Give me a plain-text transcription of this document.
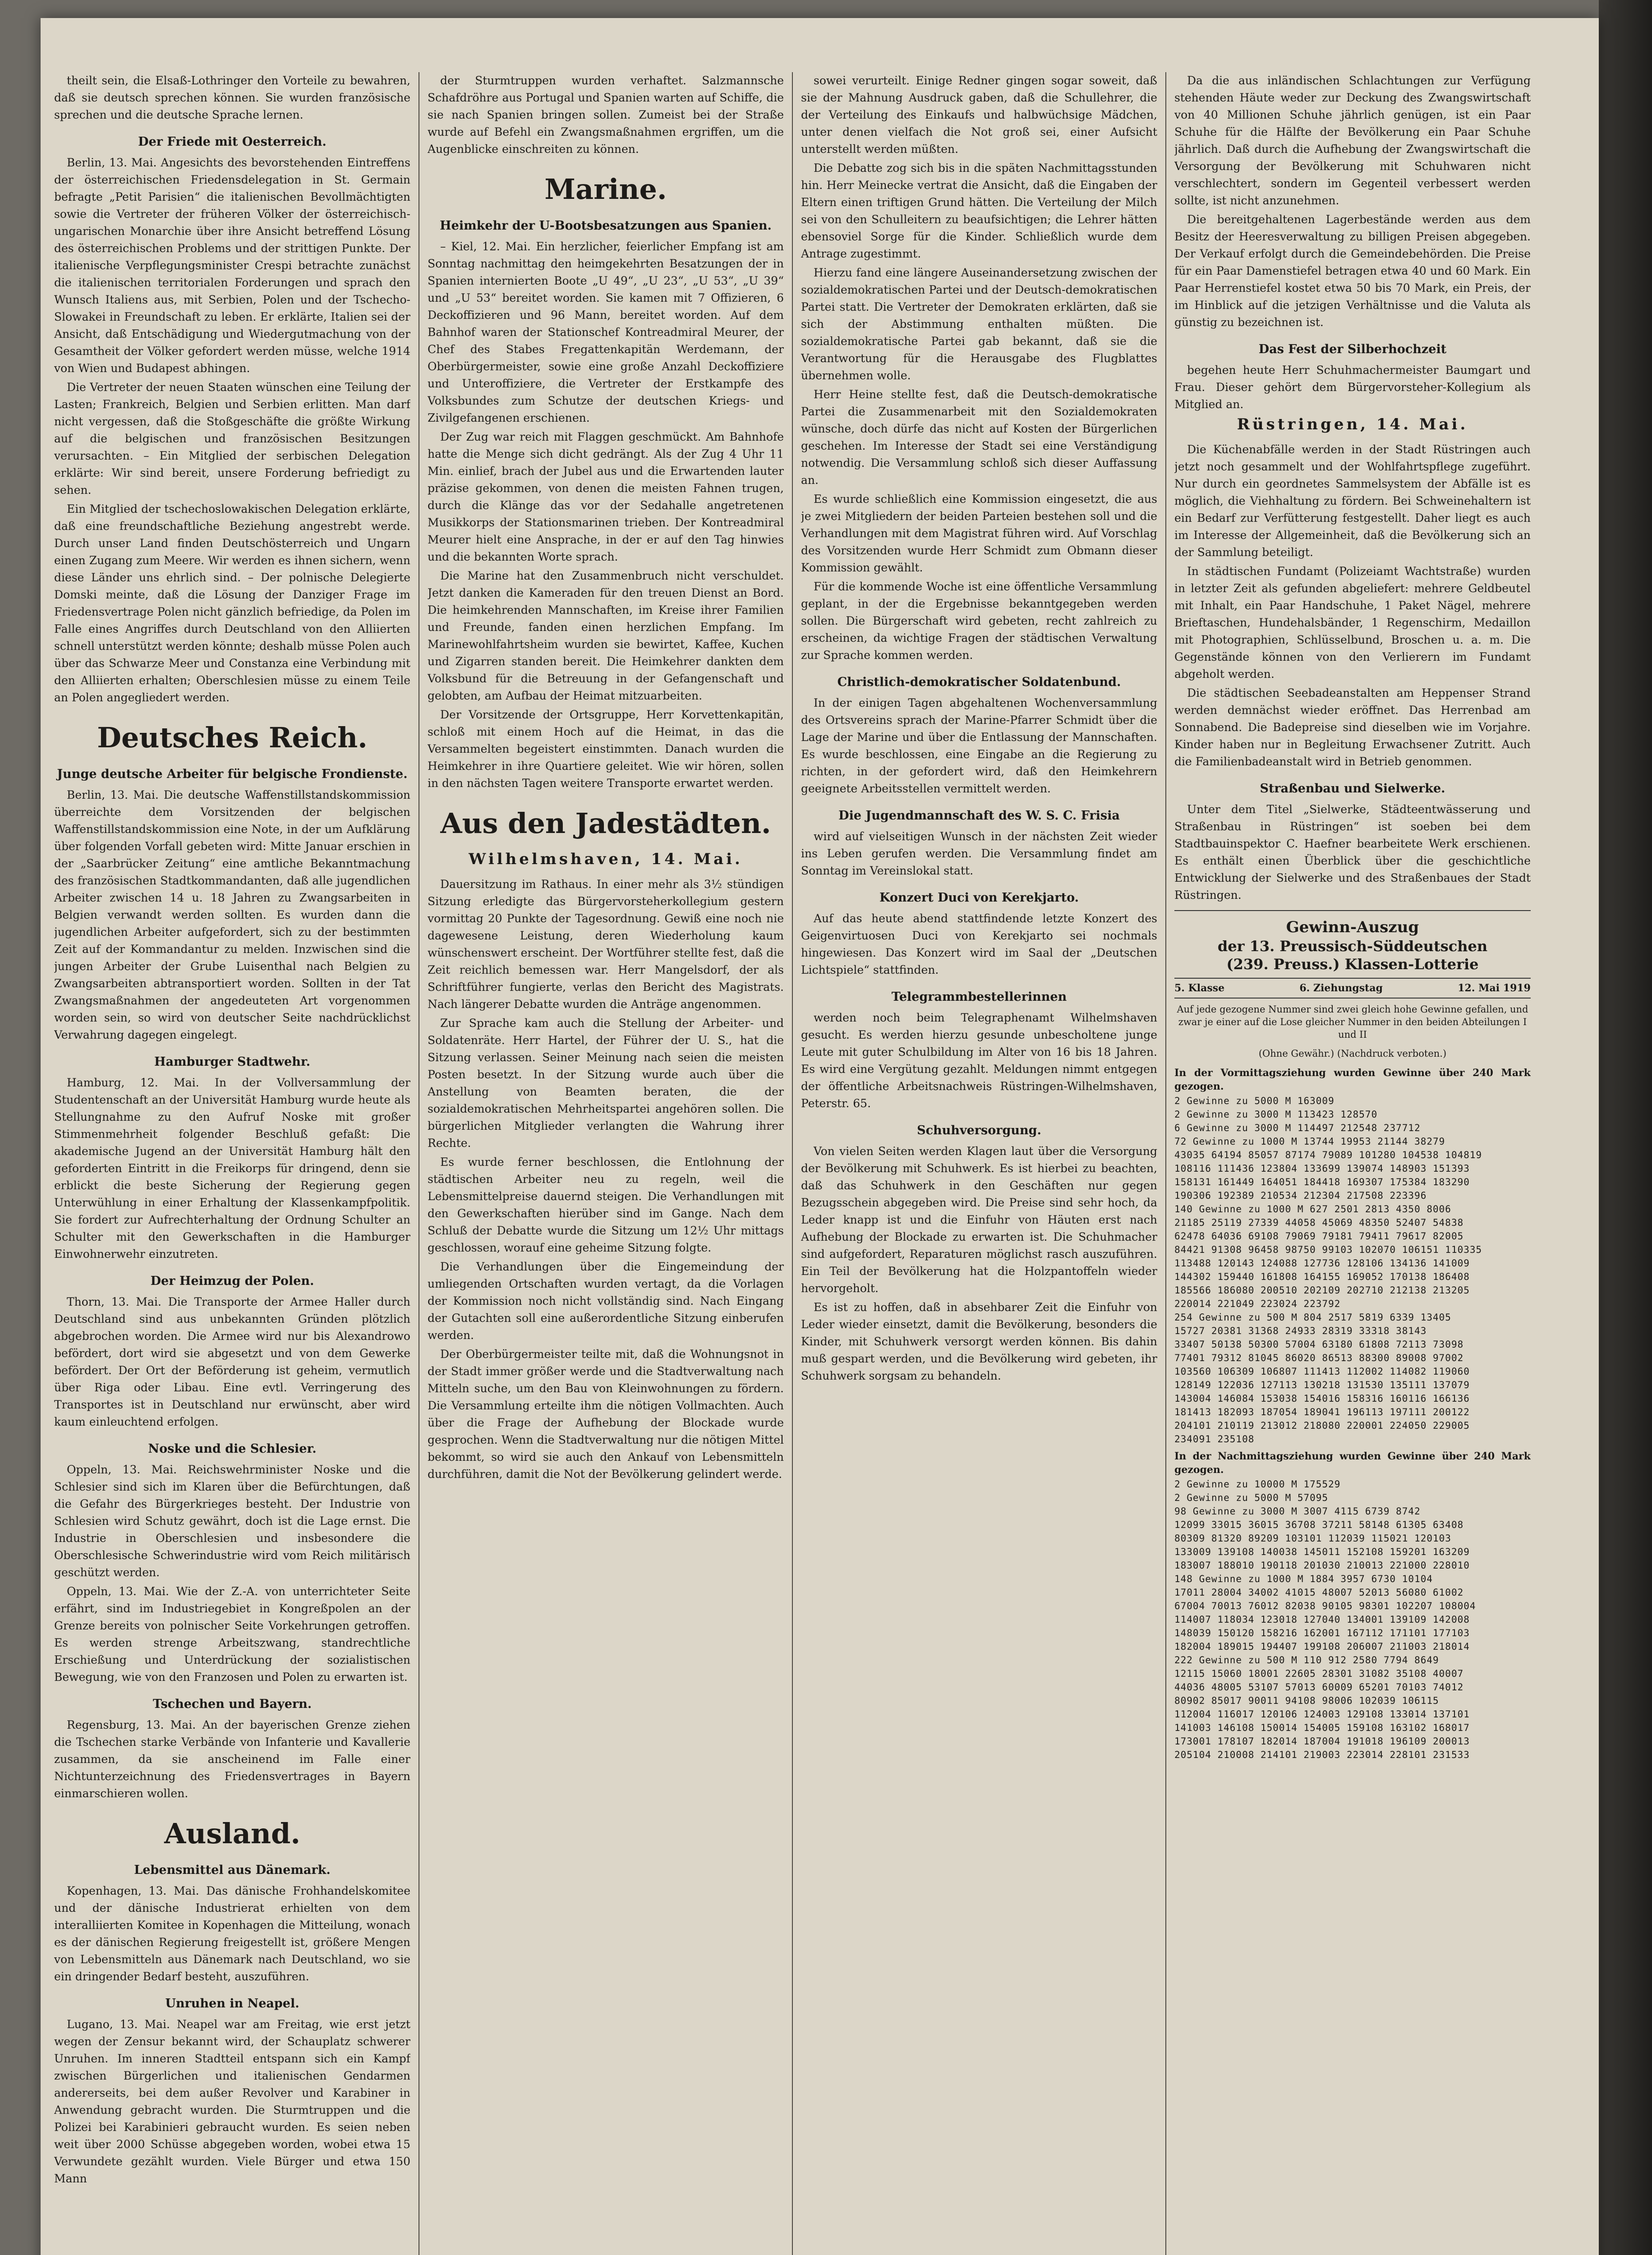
theilt sein, die Elsaß-Lothringer den Vorteile zu bewahren, daß sie deutsch sprechen können. Sie wurden französische sprechen und die deutsche Sprache lernen.

Der Friede mit Oesterreich.

Berlin, 13. Mai. Angesichts des bevorstehenden Eintreffens der österreichischen Friedensdelegation in St. Germain befragte „Petit Parisien“ die italienischen Bevollmächtigten sowie die Vertreter der früheren Völker der österreichisch-ungarischen Monarchie über ihre Ansicht betreffend Lösung des österreichischen Problems und der strittigen Punkte. Der italienische Verpflegungsminister Crespi betrachte zunächst die italienischen territorialen Forderungen und sprach den Wunsch Italiens aus, mit Serbien, Polen und der Tschecho-Slowakei in Freundschaft zu leben. Er erklärte, Italien sei der Ansicht, daß Entschädigung und Wiedergutmachung von der Gesamtheit der Völker gefordert werden müsse, welche 1914 von Wien und Budapest abhingen.

Die Vertreter der neuen Staaten wünschen eine Teilung der Lasten; Frankreich, Belgien und Serbien erlitten. Man darf nicht vergessen, daß die Stoßgeschäfte die größte Wirkung auf die belgischen und französischen Besitzungen verursachten. – Ein Mitglied der serbischen Delegation erklärte: Wir sind bereit, unsere Forderung befriedigt zu sehen.

Ein Mitglied der tschechoslowakischen Delegation erklärte, daß eine freundschaftliche Beziehung angestrebt werde. Durch unser Land finden Deutschösterreich und Ungarn einen Zugang zum Meere. Wir werden es ihnen sichern, wenn diese Länder uns ehrlich sind. – Der polnische Delegierte Domski meinte, daß die Lösung der Danziger Frage im Friedensvertrage Polen nicht gänzlich befriedige, da Polen im Falle eines Angriffes durch Deutschland von den Alliierten schnell unterstützt werden könnte; deshalb müsse Polen auch über das Schwarze Meer und Constanza eine Verbindung mit den Alliierten erhalten; Oberschlesien müsse zu einem Teile an Polen angegliedert werden.

Deutsches Reich.
Junge deutsche Arbeiter für belgische Frondienste.

Berlin, 13. Mai. Die deutsche Waffenstillstandskommission überreichte dem Vorsitzenden der belgischen Waffenstillstandskommission eine Note, in der um Aufklärung über folgenden Vorfall gebeten wird: Mitte Januar erschien in der „Saarbrücker Zeitung“ eine amtliche Bekanntmachung des französischen Stadtkommandanten, daß alle jugendlichen Arbeiter zwischen 14 u. 18 Jahren zu Zwangsarbeiten in Belgien verwandt werden sollten. Es wurden dann die jugendlichen Arbeiter aufgefordert, sich zu der bestimmten Zeit auf der Kommandantur zu melden. Inzwischen sind die jungen Arbeiter der Grube Luisenthal nach Belgien zu Zwangsarbeiten abtransportiert worden. Sollten in der Tat Zwangsmaßnahmen der angedeuteten Art vorgenommen worden sein, so wird von deutscher Seite nachdrücklichst Verwahrung dagegen eingelegt.

Hamburger Stadtwehr.

Hamburg, 12. Mai. In der Vollversammlung der Studentenschaft an der Universität Hamburg wurde heute als Stellungnahme zu den Aufruf Noske mit großer Stimmenmehrheit folgender Beschluß gefaßt: Die akademische Jugend an der Universität Hamburg hält den geforderten Eintritt in die Freikorps für dringend, denn sie erblickt die beste Sicherung der Regierung gegen Unterwühlung in einer Erhaltung der Klassenkampfpolitik. Sie fordert zur Aufrechterhaltung der Ordnung Schulter an Schulter mit den Gewerkschaften in die Hamburger Einwohnerwehr einzutreten.

Der Heimzug der Polen.

Thorn, 13. Mai. Die Transporte der Armee Haller durch Deutschland sind aus unbekannten Gründen plötzlich abgebrochen worden. Die Armee wird nur bis Alexandrowo befördert, dort wird sie abgesetzt und von dem Gewerke befördert. Der Ort der Beförderung ist geheim, vermutlich über Riga oder Libau. Eine evtl. Verringerung des Transportes ist in Deutschland nur erwünscht, aber wird kaum einleuchtend erfolgen.

Noske und die Schlesier.

Oppeln, 13. Mai. Reichswehrminister Noske und die Schlesier sind sich im Klaren über die Befürchtungen, daß die Gefahr des Bürgerkrieges besteht. Der Industrie von Schlesien wird Schutz gewährt, doch ist die Lage ernst. Die Industrie in Oberschlesien und insbesondere die Oberschlesische Schwerindustrie wird vom Reich militärisch geschützt werden.

Oppeln, 13. Mai. Wie der Z.-A. von unterrichteter Seite erfährt, sind im Industriegebiet in Kongreßpolen an der Grenze bereits von polnischer Seite Vorkehrungen getroffen. Es werden strenge Arbeitszwang, standrechtliche Erschießung und Unterdrückung der sozialistischen Bewegung, wie von den Franzosen und Polen zu erwarten ist.

Tschechen und Bayern.

Regensburg, 13. Mai. An der bayerischen Grenze ziehen die Tschechen starke Verbände von Infanterie und Kavallerie zusammen, da sie anscheinend im Falle einer Nichtunterzeichnung des Friedensvertrages in Bayern einmarschieren wollen.

Ausland.
Lebensmittel aus Dänemark.

Kopenhagen, 13. Mai. Das dänische Frohhandelskomitee und der dänische Industrierat erhielten von dem interalliierten Komitee in Kopenhagen die Mitteilung, wonach es der dänischen Regierung freigestellt ist, größere Mengen von Lebensmitteln aus Dänemark nach Deutschland, wo sie ein dringender Bedarf besteht, auszuführen.

Unruhen in Neapel.

Lugano, 13. Mai. Neapel war am Freitag, wie erst jetzt wegen der Zensur bekannt wird, der Schauplatz schwerer Unruhen. Im inneren Stadtteil entspann sich ein Kampf zwischen Bürgerlichen und italienischen Gendarmen andererseits, bei dem außer Revolver und Karabiner in Anwendung gebracht wurden. Die Sturmtruppen und die Polizei bei Karabinieri gebraucht wurden. Es seien neben weit über 2000 Schüsse abgegeben worden, wobei etwa 15 Verwundete gezählt wurden. Viele Bürger und etwa 150 Mann

der Sturmtruppen wurden verhaftet. Salzmannsche Schafdröhre aus Portugal und Spanien warten auf Schiffe, die sie nach Spanien bringen sollen. Zumeist bei der Straße wurde auf Befehl ein Zwangsmaßnahmen ergriffen, um die Augenblicke einschreiten zu können.

Marine.
Heimkehr der U-Bootsbesatzungen aus Spanien.

– Kiel, 12. Mai. Ein herzlicher, feierlicher Empfang ist am Sonntag nachmittag den heimgekehrten Besatzungen der in Spanien internierten Boote „U 49“, „U 23“, „U 53“, „U 39“ und „U 53“ bereitet worden. Sie kamen mit 7 Offizieren, 6 Deckoffizieren und 96 Mann, bereitet worden. Auf dem Bahnhof waren der Stationschef Kontreadmiral Meurer, der Chef des Stabes Fregattenkapitän Werdemann, der Oberbürgermeister, sowie eine große Anzahl Deckoffiziere und Unteroffiziere, die Vertreter der Erstkampfe des Volksbundes zum Schutze der deutschen Kriegs- und Zivilgefangenen erschienen.

Der Zug war reich mit Flaggen geschmückt. Am Bahnhofe hatte die Menge sich dicht gedrängt. Als der Zug 4 Uhr 11 Min. einlief, brach der Jubel aus und die Erwartenden lauter präzise gekommen, von denen die meisten Fahnen trugen, durch die Klänge das vor der Sedahalle angetretenen Musikkorps der Stationsmarinen trieben. Der Kontreadmiral Meurer hielt eine Ansprache, in der er auf den Tag hinwies und die bekannten Worte sprach.

Die Marine hat den Zusammenbruch nicht verschuldet. Jetzt danken die Kameraden für den treuen Dienst an Bord. Die heimkehrenden Mannschaften, im Kreise ihrer Familien und Freunde, fanden einen herzlichen Empfang. Im Marinewohlfahrtsheim wurden sie bewirtet, Kaffee, Kuchen und Zigarren standen bereit. Die Heimkehrer dankten dem Volksbund für die Betreuung in der Gefangenschaft und gelobten, am Aufbau der Heimat mitzuarbeiten.

Der Vorsitzende der Ortsgruppe, Herr Korvettenkapitän, schloß mit einem Hoch auf die Heimat, in das die Versammelten begeistert einstimmten. Danach wurden die Heimkehrer in ihre Quartiere geleitet. Wie wir hören, sollen in den nächsten Tagen weitere Transporte erwartet werden.

Aus den Jadestädten.
Wilhelmshaven, 14. Mai.

Dauersitzung im Rathaus. In einer mehr als 3½ stündigen Sitzung erledigte das Bürgervorsteherkollegium gestern vormittag 20 Punkte der Tagesordnung. Gewiß eine noch nie dagewesene Leistung, deren Wiederholung kaum wünschenswert erscheint. Der Wortführer stellte fest, daß die Zeit reichlich bemessen war. Herr Mangelsdorf, der als Schriftführer fungierte, verlas den Bericht des Magistrats. Nach längerer Debatte wurden die Anträge angenommen.

Zur Sprache kam auch die Stellung der Arbeiter- und Soldatenräte. Herr Hartel, der Führer der U. S., hat die Sitzung verlassen. Seiner Meinung nach seien die meisten Posten besetzt. In der Sitzung wurde auch über die Anstellung von Beamten beraten, die der sozialdemokratischen Mehrheitspartei angehören sollen. Die bürgerlichen Mitglieder verlangten die Wahrung ihrer Rechte.

Es wurde ferner beschlossen, die Entlohnung der städtischen Arbeiter neu zu regeln, weil die Lebensmittelpreise dauernd steigen. Die Verhandlungen mit den Gewerkschaften hierüber sind im Gange. Nach dem Schluß der Debatte wurde die Sitzung um 12½ Uhr mittags geschlossen, worauf eine geheime Sitzung folgte.

Die Verhandlungen über die Eingemeindung der umliegenden Ortschaften wurden vertagt, da die Vorlagen der Kommission noch nicht vollständig sind. Nach Eingang der Gutachten soll eine außerordentliche Sitzung einberufen werden.

Der Oberbürgermeister teilte mit, daß die Wohnungsnot in der Stadt immer größer werde und die Stadtverwaltung nach Mitteln suche, um den Bau von Kleinwohnungen zu fördern. Die Versammlung erteilte ihm die nötigen Vollmachten. Auch über die Frage der Aufhebung der Blockade wurde gesprochen. Wenn die Stadtverwaltung nur die nötigen Mittel bekommt, so wird sie auch den Ankauf von Lebensmitteln durchführen, damit die Not der Bevölkerung gelindert werde.

sowei verurteilt. Einige Redner gingen sogar soweit, daß sie der Mahnung Ausdruck gaben, daß die Schullehrer, die der Verteilung des Einkaufs und halbwüchsige Mädchen, unter denen vielfach die Not groß sei, einer Aufsicht unterstellt werden müßten.

Die Debatte zog sich bis in die späten Nachmittagsstunden hin. Herr Meinecke vertrat die Ansicht, daß die Eingaben der Eltern einen triftigen Grund hätten. Die Verteilung der Milch sei von den Schulleitern zu beaufsichtigen; die Lehrer hätten ebensoviel Sorge für die Kinder. Schließlich wurde dem Antrage zugestimmt.

Hierzu fand eine längere Auseinandersetzung zwischen der sozialdemokratischen Partei und der Deutsch-demokratischen Partei statt. Die Vertreter der Demokraten erklärten, daß sie sich der Abstimmung enthalten müßten. Die sozialdemokratische Partei gab bekannt, daß sie die Verantwortung für die Herausgabe des Flugblattes übernehmen wolle.

Herr Heine stellte fest, daß die Deutsch-demokratische Partei die Zusammenarbeit mit den Sozialdemokraten wünsche, doch dürfe das nicht auf Kosten der Bürgerlichen geschehen. Im Interesse der Stadt sei eine Verständigung notwendig. Die Versammlung schloß sich dieser Auffassung an.

Es wurde schließlich eine Kommission eingesetzt, die aus je zwei Mitgliedern der beiden Parteien bestehen soll und die Verhandlungen mit dem Magistrat führen wird. Auf Vorschlag des Vorsitzenden wurde Herr Schmidt zum Obmann dieser Kommission gewählt.

Für die kommende Woche ist eine öffentliche Versammlung geplant, in der die Ergebnisse bekanntgegeben werden sollen. Die Bürgerschaft wird gebeten, recht zahlreich zu erscheinen, da wichtige Fragen der städtischen Verwaltung zur Sprache kommen werden.

Christlich-demokratischer Soldatenbund.

In der einigen Tagen abgehaltenen Wochenversammlung des Ortsvereins sprach der Marine-Pfarrer Schmidt über die Lage der Marine und über die Entlassung der Mannschaften. Es wurde beschlossen, eine Eingabe an die Regierung zu richten, in der gefordert wird, daß den Heimkehrern geeignete Arbeitsstellen vermittelt werden.

Die Jugendmannschaft des W. S. C. Frisia

wird auf vielseitigen Wunsch in der nächsten Zeit wieder ins Leben gerufen werden. Die Versammlung findet am Sonntag im Vereinslokal statt.

Konzert Duci von Kerekjarto.

Auf das heute abend stattfindende letzte Konzert des Geigenvirtuosen Duci von Kerekjarto sei nochmals hingewiesen. Das Konzert wird im Saal der „Deutschen Lichtspiele“ stattfinden.

Telegrammbestellerinnen

werden noch beim Telegraphenamt Wilhelmshaven gesucht. Es werden hierzu gesunde unbescholtene junge Leute mit guter Schulbildung im Alter von 16 bis 18 Jahren. Es wird eine Vergütung gezahlt. Meldungen nimmt entgegen der öffentliche Arbeitsnachweis Rüstringen-Wilhelmshaven, Peterstr. 65.

Schuhversorgung.

Von vielen Seiten werden Klagen laut über die Versorgung der Bevölkerung mit Schuhwerk. Es ist hierbei zu beachten, daß das Schuhwerk in den Geschäften nur gegen Bezugsschein abgegeben wird. Die Preise sind sehr hoch, da Leder knapp ist und die Einfuhr von Häuten erst nach Aufhebung der Blockade zu erwarten ist. Die Schuhmacher sind aufgefordert, Reparaturen möglichst rasch auszuführen. Ein Teil der Bevölkerung hat die Holzpantoffeln wieder hervorgeholt.

Es ist zu hoffen, daß in absehbarer Zeit die Einfuhr von Leder wieder einsetzt, damit die Bevölkerung, besonders die Kinder, mit Schuhwerk versorgt werden können. Bis dahin muß gespart werden, und die Bevölkerung wird gebeten, ihr Schuhwerk sorgsam zu behandeln.

Da die aus inländischen Schlachtungen zur Verfügung stehenden Häute weder zur Deckung des Zwangswirtschaft von 40 Millionen Schuhe jährlich genügen, ist ein Paar Schuhe für die Hälfte der Bevölkerung ein Paar Schuhe jährlich. Daß durch die Aufhebung der Zwangswirtschaft die Versorgung der Bevölkerung mit Schuhwaren nicht verschlechtert, sondern im Gegenteil verbessert werden sollte, ist nicht anzunehmen.

Die bereitgehaltenen Lagerbestände werden aus dem Besitz der Heeresverwaltung zu billigen Preisen abgegeben. Der Verkauf erfolgt durch die Gemeindebehörden. Die Preise für ein Paar Damenstiefel betragen etwa 40 und 60 Mark. Ein Paar Herrenstiefel kostet etwa 50 bis 70 Mark, ein Preis, der im Hinblick auf die jetzigen Verhältnisse und die Valuta als günstig zu bezeichnen ist.

Das Fest der Silberhochzeit

begehen heute Herr Schuhmachermeister Baumgart und Frau. Dieser gehört dem Bürgervorsteher-Kollegium als Mitglied an.

Rüstringen, 14. Mai.

Die Küchenabfälle werden in der Stadt Rüstringen auch jetzt noch gesammelt und der Wohlfahrtspflege zugeführt. Nur durch ein geordnetes Sammelsystem der Abfälle ist es möglich, die Viehhaltung zu fördern. Bei Schweinehaltern ist ein Bedarf zur Verfütterung festgestellt. Daher liegt es auch im Interesse der Allgemeinheit, daß die Bevölkerung sich an der Sammlung beteiligt.

In städtischen Fundamt (Polizeiamt Wachtstraße) wurden in letzter Zeit als gefunden abgeliefert: mehrere Geldbeutel mit Inhalt, ein Paar Handschuhe, 1 Paket Nägel, mehrere Brieftaschen, Hundehalsbänder, 1 Regenschirm, Medaillon mit Photographien, Schlüsselbund, Broschen u. a. m. Die Gegenstände können von den Verlierern im Fundamt abgeholt werden.

Die städtischen Seebadeanstalten am Heppenser Strand werden demnächst wieder eröffnet. Das Herrenbad am Sonnabend. Die Badepreise sind dieselben wie im Vorjahre. Kinder haben nur in Begleitung Erwachsener Zutritt. Auch die Familienbadeanstalt wird in Betrieb genommen.

Straßenbau und Sielwerke.

Unter dem Titel „Sielwerke, Städteentwässerung und Straßenbau in Rüstringen“ ist soeben bei dem Stadtbauinspektor C. Haefner bearbeitete Werk erschienen. Es enthält einen Überblick über die geschichtliche Entwicklung der Sielwerke und des Straßenbaues der Stadt Rüstringen.

Gewinn-Auszug
der 13. Preussisch-Süddeutschen
(239. Preuss.) Klassen-Lotterie
5. Klasse	6. Ziehungstag	12. Mai 1919
Auf jede gezogene Nummer sind zwei gleich hohe Gewinne gefallen, und zwar je einer auf die Lose gleicher Nummer in den beiden Abteilungen I und II
(Ohne Gewähr.) (Nachdruck verboten.)
In der Vormittagsziehung wurden Gewinne über 240 Mark gezogen.
2 Gewinne zu 5000 M 163009
2 Gewinne zu 3000 M 113423 128570
6 Gewinne zu 3000 M 114497 212548 237712
72 Gewinne zu 1000 M 13744 19953 21144 38279
43035 64194 85057 87174 79089 101280 104538 104819
108116 111436 123804 133699 139074 148903 151393
158131 161449 164051 184418 169307 175384 183290
190306 192389 210534 212304 217508 223396
140 Gewinne zu 1000 M 627 2501 2813 4350 8006
21185 25119 27339 44058 45069 48350 52407 54838
62478 64036 69108 79069 79181 79411 79617 82005
84421 91308 96458 98750 99103 102070 106151 110335
113488 120143 124088 127736 128106 134136 141009
144302 159440 161808 164155 169052 170138 186408
185566 186080 200510 202109 202710 212138 213205
220014 221049 223024 223792
254 Gewinne zu 500 M 804 2517 5819 6339 13405
15727 20381 31368 24933 28319 33318 38143
33407 50138 50300 57004 63180 61808 72113 73098
77401 79312 81045 86020 86513 88300 89008 97002
103560 106309 106807 111413 112002 114082 119060
128149 122036 127113 130218 131530 135111 137079
143004 146084 153038 154016 158316 160116 166136
181413 182093 187054 189041 196113 197111 200122
204101 210119 213012 218080 220001 224050 229005
234091 235108
In der Nachmittagsziehung wurden Gewinne über 240 Mark gezogen.
2 Gewinne zu 10000 M 175529
2 Gewinne zu 5000 M 57095
98 Gewinne zu 3000 M 3007 4115 6739 8742
12099 33015 36015 36708 37211 58148 61305 63408
80309 81320 89209 103101 112039 115021 120103
133009 139108 140038 145011 152108 159201 163209
183007 188010 190118 201030 210013 221000 228010
148 Gewinne zu 1000 M 1884 3957 6730 10104
17011 28004 34002 41015 48007 52013 56080 61002
67004 70013 76012 82038 90105 98301 102207 108004
114007 118034 123018 127040 134001 139109 142008
148039 150120 158216 162001 167112 171101 177103
182004 189015 194407 199108 206007 211003 218014
222 Gewinne zu 500 M 110 912 2580 7794 8649
12115 15060 18001 22605 28301 31082 35108 40007
44036 48005 53107 57013 60009 65201 70103 74012
80902 85017 90011 94108 98006 102039 106115
112004 116017 120106 124003 129108 133014 137101
141003 146108 150014 154005 159108 163102 168017
173001 178107 182014 187004 191018 196109 200013
205104 210008 214101 219003 223014 228101 231533
